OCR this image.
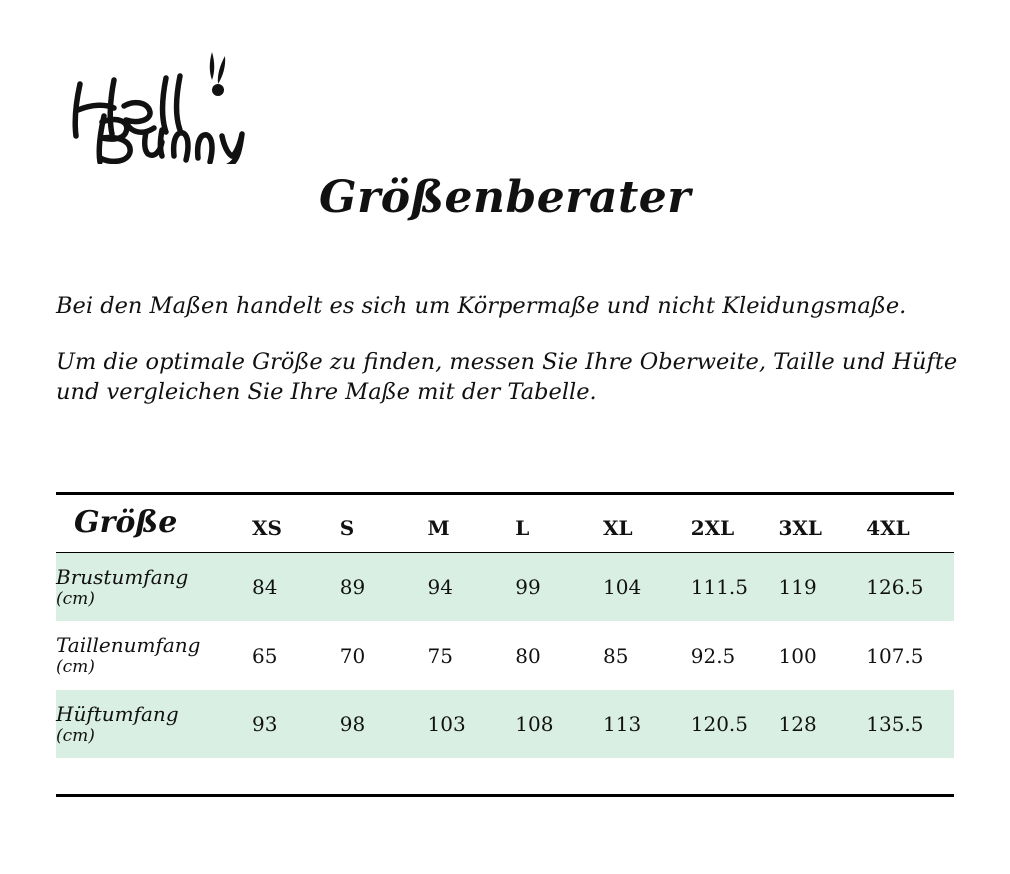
Größenberater

Bei den Maßen handelt es sich um Körpermaße und nicht Kleidungsmaße.

Um die optimale Größe zu finden, messen Sie Ihre Oberweite, Taille und Hüfte und vergleichen Sie Ihre Maße mit der Tabelle.

Größe	XS	S	M	L	XL	2XL	3XL	4XL
Brustumfang
(cm)	84	89	94	99	104	111.5	119	126.5
Taillenumfang
(cm)	65	70	75	80	85	92.5	100	107.5
Hüftumfang
(cm)	93	98	103	108	113	120.5	128	135.5
